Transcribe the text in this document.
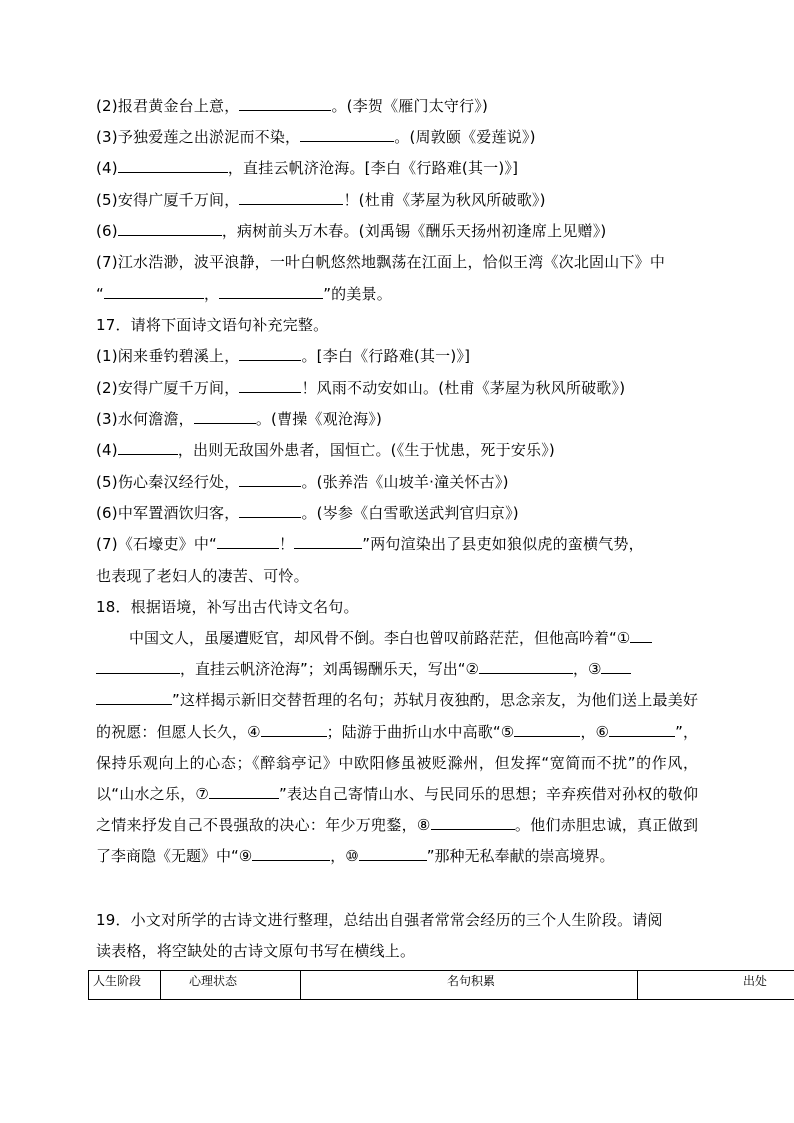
(2)报君黄金台上意，	。(李贺《雁门太守行》)
(3)予独爱莲之出淤泥而不染，	。(周敦颐《爱莲说》)
(4)	，直挂云帆济沧海。[李白《行路难(其一)》]
(5)安得广厦千万间，	！(杜甫《茅屋为秋风所破歌》)
(6)	，病树前头万木春。(刘禹锡《酬乐天扬州初逢席上见赠》)
(7)江水浩渺，波平浪静，一叶白帆悠然地飘荡在江面上，恰似王湾《次北固山下》中
“	，	”的美景。
17．请将下面诗文语句补充完整。
(1)闲来垂钓碧溪上，	。[李白《行路难(其一)》]
(2)安得广厦千万间，	！风雨不动安如山。(杜甫《茅屋为秋风所破歌》)
(3)水何澹澹，	。(曹操《观沧海》)
(4)	，出则无敌国外患者，国恒亡。(《生于忧患，死于安乐》)
(5)伤心秦汉经行处，	。(张养浩《山坡羊·潼关怀古》)
(6)中军置酒饮归客，	。(岑参《白雪歌送武判官归京》)
(7)《石壕吏》中“	！	”两句渲染出了县吏如狼似虎的蛮横气势，
也表现了老妇人的凄苦、可怜。
18．根据语境，补写出古代诗文名句。
中国文人，虽屡遭贬官，却风骨不倒。李白也曾叹前路茫茫，但他高吟着“①
，直挂云帆济沧海”；刘禹锡酬乐天，写出“②	，③
”这样揭示新旧交替哲理的名句；苏轼月夜独酌，思念亲友，为他们送上最美好的祝愿：但愿人长久，④	；陆游于曲折山水中高歌“⑤	，⑥	”，保持乐观向上的心态；《醉翁亭记》中欧阳修虽被贬滁州，但发挥“宽简而不扰”的作风，以“山水之乐，⑦	”表达自己寄情山水、与民同乐的思想；辛弃疾借对孙权的敬仰之情来抒发自己不畏强敌的决心：年少万兜鍪，⑧	。他们赤胆忠诚，真正做到了李商隐《无题》中“⑨	，⑩	”那种无私奉献的崇高境界。
19．小文对所学的古诗文进行整理，总结出自强者常常会经历的三个人生阶段。请阅
读表格，将空缺处的古诗文原句书写在横线上。
人生阶段	心理状态	名句积累	出处
